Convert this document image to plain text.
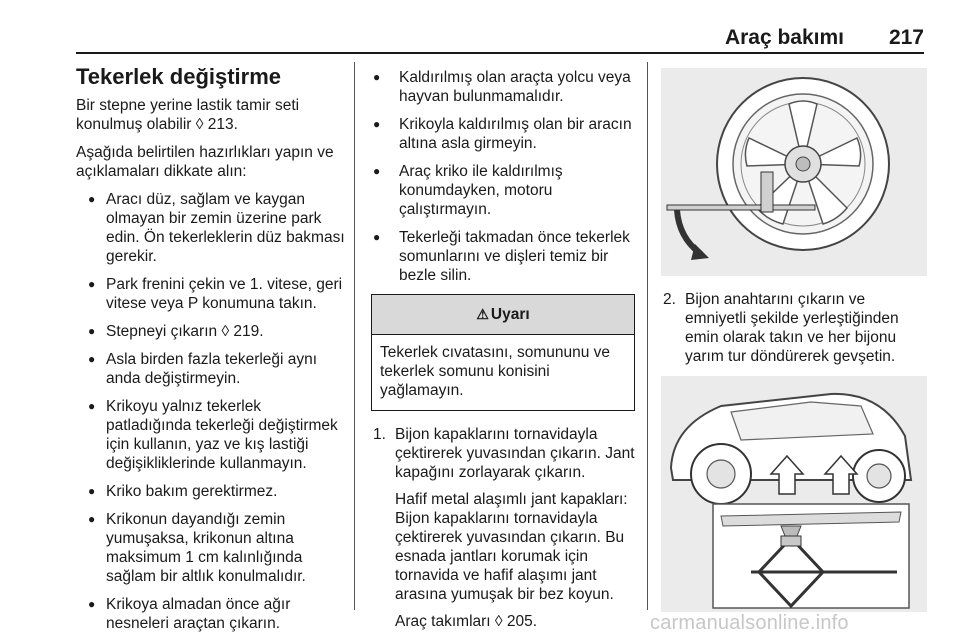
Araç bakımı 217
Tekerlek değiştirme

Bir stepne yerine lastik tamir seti konulmuş olabilir ◊ 213.

Aşağıda belirtilen hazırlıkları yapın ve açıklamaları dikkate alın:

● Aracı düz, sağlam ve kaygan olmayan bir zemin üzerine park edin. Ön tekerleklerin düz bakması gerekir.
● Park frenini çekin ve 1. vitese, geri vitese veya P konumuna takın.
● Stepneyi çıkarın ◊ 219.
● Asla birden fazla tekerleği aynı anda değiştirmeyin.
● Krikoyu yalnız tekerlek patladığında tekerleği değiştirmek için kullanın, yaz ve kış lastiği değişikliklerinde kullanmayın.
● Kriko bakım gerektirmez.
● Krikonun dayandığı zemin yumuşaksa, krikonun altına maksimum 1 cm kalınlığında sağlam bir altlık konulmalıdır.
● Krikoya almadan önce ağır nesneleri araçtan çıkarın.
● Kaldırılmış olan araçta yolcu veya hayvan bulunmamalıdır.
● Krikoyla kaldırılmış olan bir aracın altına asla girmeyin.
● Araç kriko ile kaldırılmış konumdayken, motoru çalıştırmayın.
● Tekerleği takmadan önce tekerlek somunlarını ve dişleri temiz bir bezle silin.
⚠ Uyarı
Tekerlek cıvatasını, somununu ve tekerlek somunu konisini yağlamayın.
1. Bijon kapaklarını tornavidayla çektirerek yuvasından çıkarın. Jant kapağını zorlayarak çıkarın.

Hafif metal alaşımlı jant kapakları: Bijon kapaklarını tornavidayla çektirerek yuvasından çıkarın. Bu esnada jantları korumak için tornavida ve hafif alaşımı jant arasına yumuşak bir bez koyun.

Araç takımları ◊ 205.

2. Bijon anahtarını çıkarın ve emniyetli şekilde yerleştiğinden emin olarak takın ve her bijonu yarım tur döndürerek gevşetin.
carmanualsonline.info
